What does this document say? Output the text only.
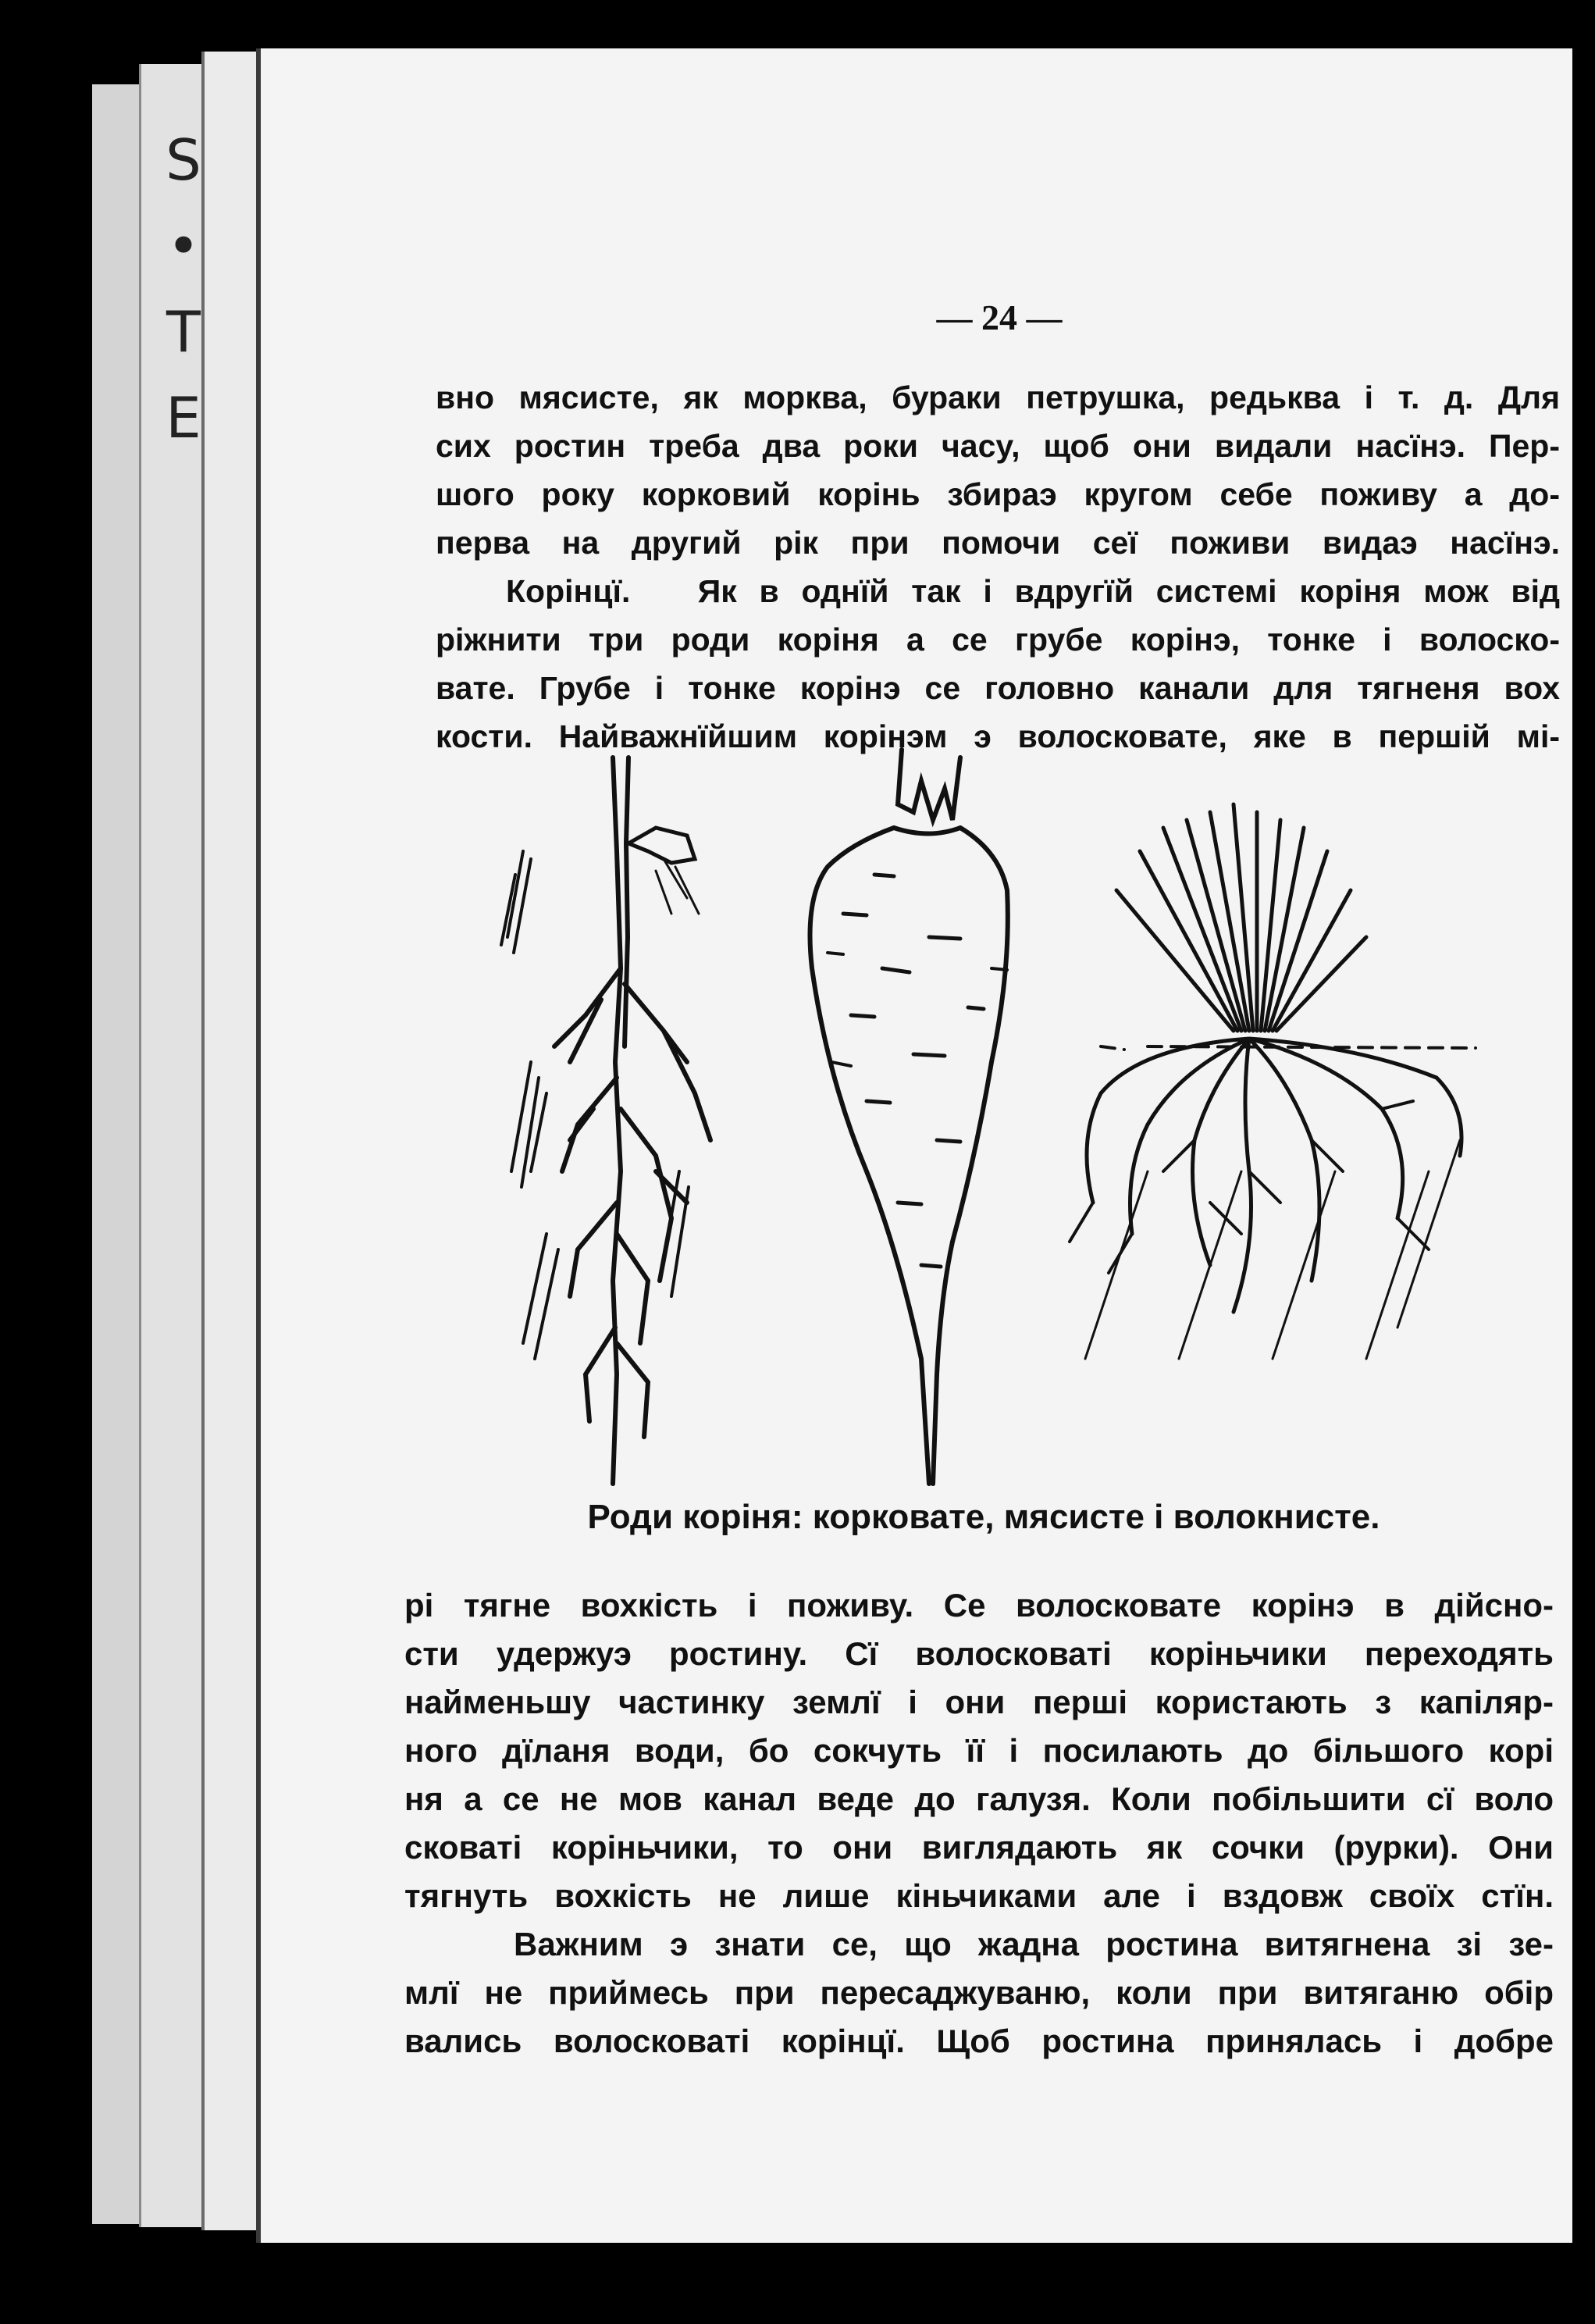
S
•
T
E
— 24 —
вно мясисте, як морква, бураки петрушка, редьква і т. д. Для
сих ростин треба два роки часу, щоб они видали насїнэ. Пер-
шого року корковий корінь збираэ кругом себе поживу а до-
перва на другий рік при помочи сеї поживи видаэ насїнэ.
Корінцї. Як в однїй так і вдругїй системі коріня мож від
ріжнити три роди коріня а се грубе корінэ, тонке і волоско-
вате. Грубе і тонке корінэ се головно канали для тягненя вох
кости. Найважнїйшим корінэм э волосковате, яке в першій мі-
Роди коріня: корковате, мясисте і волокнисте.
рі тягне вохкість і поживу. Се волосковате корінэ в дійсно-
сти удержуэ ростину. Сї волосковаті коріньчики переходять
найменьшу частинку землї і они перші користають з капіляр-
ного дїланя води, бо сокчуть її і посилають до більшого корі
ня а се не мов канал веде до галузя. Коли побільшити сї воло
сковаті коріньчики, то они виглядають як сочки (рурки). Они
тягнуть вохкість не лише кіньчиками але і вздовж своїх стїн.
Важним э знати се, що жадна ростина витягнена зі зе-
млї не приймесь при пересаджуваню, коли при витяганю обір
вались волосковаті корінцї. Щоб ростина принялась і добре
